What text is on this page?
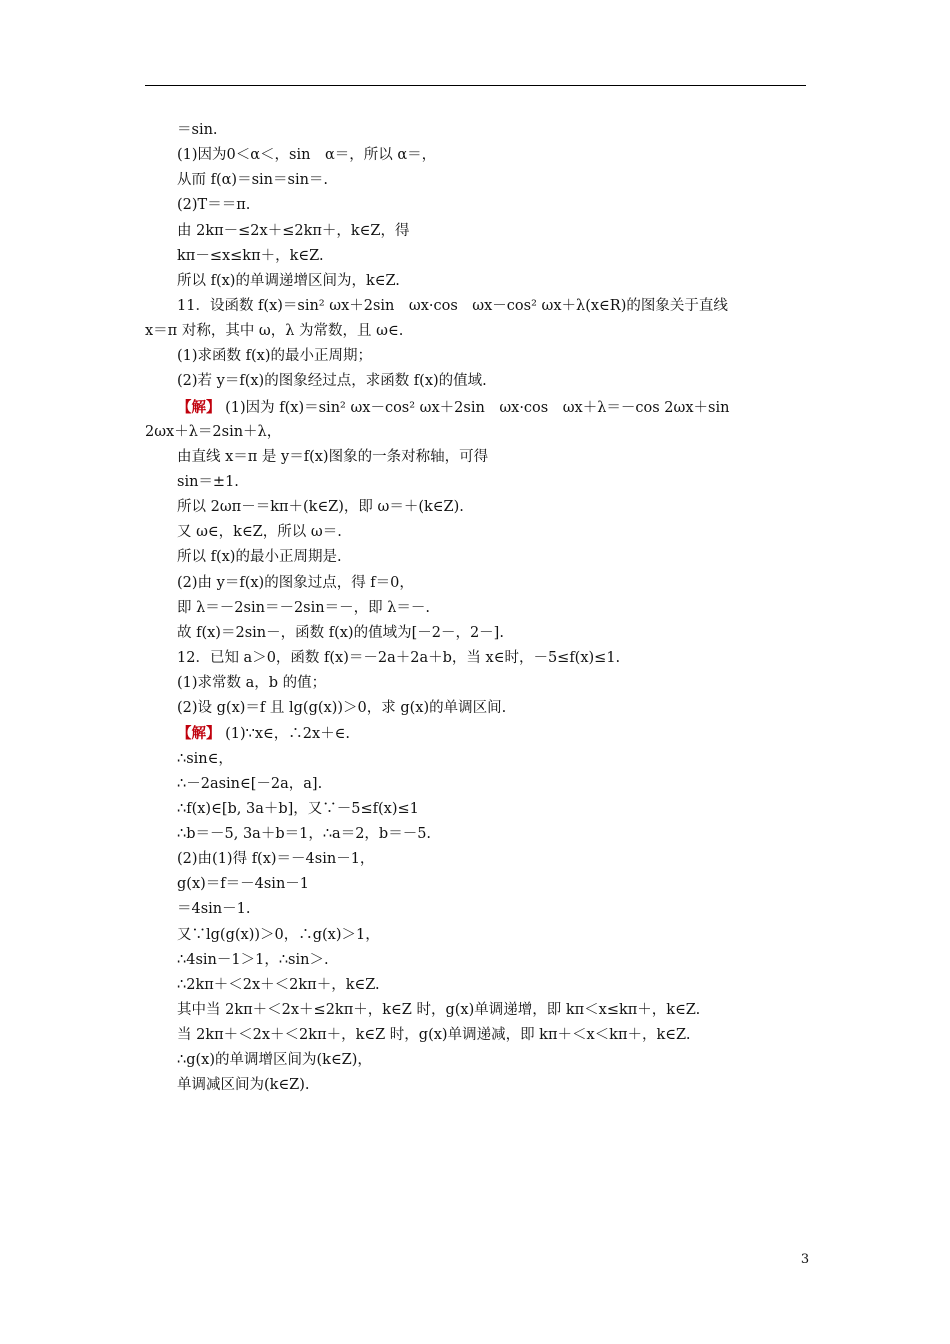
＝sin.
(1)因为0＜α＜，sin　α＝，所以 α＝，
从而 f(α)＝sin＝sin＝.
(2)T＝＝π.
由 2kπ－≤2x＋≤2kπ＋，k∈Z，得
kπ－≤x≤kπ＋，k∈Z.
所以 f(x)的单调递增区间为，k∈Z.
11．设函数 f(x)＝sin² ωx＋2sin　ωx·cos　ωx－cos² ωx＋λ(x∈R)的图象关于直线
x＝π 对称，其中 ω，λ 为常数，且 ω∈.
(1)求函数 f(x)的最小正周期；
(2)若 y＝f(x)的图象经过点，求函数 f(x)的值域.
【解】 (1)因为 f(x)＝sin² ωx－cos² ωx＋2sin　ωx·cos　ωx＋λ＝－cos 2ωx＋sin
2ωx＋λ＝2sin＋λ，
由直线 x＝π 是 y＝f(x)图象的一条对称轴，可得
sin＝±1.
所以 2ωπ－＝kπ＋(k∈Z)，即 ω＝＋(k∈Z).
又 ω∈，k∈Z，所以 ω＝.
所以 f(x)的最小正周期是.
(2)由 y＝f(x)的图象过点，得 f＝0，
即 λ＝－2sin＝－2sin＝－，即 λ＝－.
故 f(x)＝2sin－，函数 f(x)的值域为[－2－，2－].
12．已知 a＞0，函数 f(x)＝－2a＋2a＋b，当 x∈时，－5≤f(x)≤1.
(1)求常数 a，b 的值；
(2)设 g(x)＝f 且 lg(g(x))＞0，求 g(x)的单调区间.
【解】 (1)∵x∈，∴2x＋∈.
∴sin∈，
∴－2asin∈[－2a，a].
∴f(x)∈[b, 3a＋b]，又∵－5≤f(x)≤1
∴b＝－5, 3a＋b＝1，∴a＝2，b＝－5.
(2)由(1)得 f(x)＝－4sin－1，
g(x)＝f＝－4sin－1
＝4sin－1.
又∵lg(g(x))＞0，∴g(x)＞1，
∴4sin－1＞1，∴sin＞.
∴2kπ＋＜2x＋＜2kπ＋，k∈Z.
其中当 2kπ＋＜2x＋≤2kπ＋，k∈Z 时，g(x)单调递增，即 kπ＜x≤kπ＋，k∈Z.
当 2kπ＋＜2x＋＜2kπ＋，k∈Z 时，g(x)单调递减，即 kπ＋＜x＜kπ＋，k∈Z.
∴g(x)的单调增区间为(k∈Z)，
单调减区间为(k∈Z).
3
